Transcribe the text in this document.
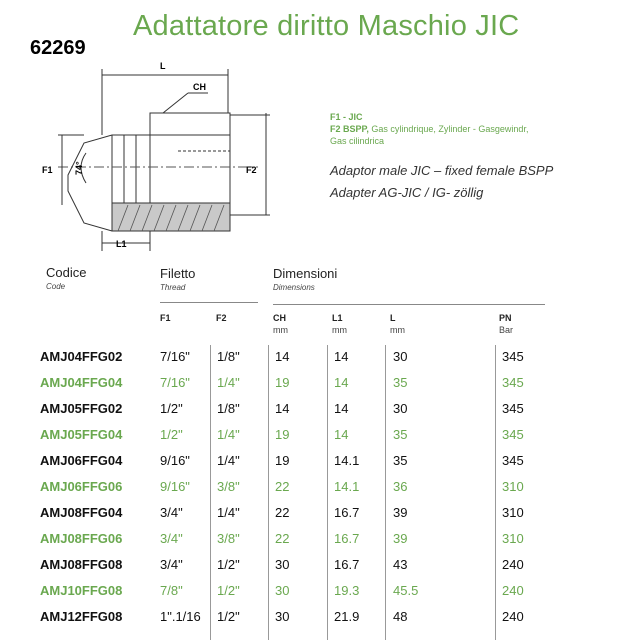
Adattatore diritto Maschio JIC
62269
L
CH
F1	F2
L1
74°
F1 - JIC
F2 BSPP, Gas cylindrique, Zylinder - Gasgewindr,
Gas cilindrica
Adaptor male JIC – fixed female BSPP
Adapter AG-JIC / IG- zöllig
Codice
Code
Filetto
Thread
Dimensioni
Dimensions
F1	F2	CH
mm
L1
mm
L
mm
PN
Bar
AMJ04FFG02	7/16" 1/8"	14	14	30	345
AMJ04FFG04	7/16" 1/4"	19	14	35	345
AMJ05FFG02	1/2"	1/8"	14	14	30	345
AMJ05FFG04	1/2"	1/4"	19	14	35	345
AMJ06FFG04	9/16" 1/4"	19	14.1	35	345
AMJ06FFG06	9/16" 3/8"	22	14.1	36	310
AMJ08FFG04	3/4"	1/4"	22	16.7	39	310
AMJ08FFG06	3/4"	3/8"	22	16.7	39	310
AMJ08FFG08	3/4"	1/2"	30	16.7	43	240
AMJ10FFG08	7/8"	1/2"	30	19.3	45.5	240
AMJ12FFG08	1".1/16 1/2"	30	21.9	48	240
